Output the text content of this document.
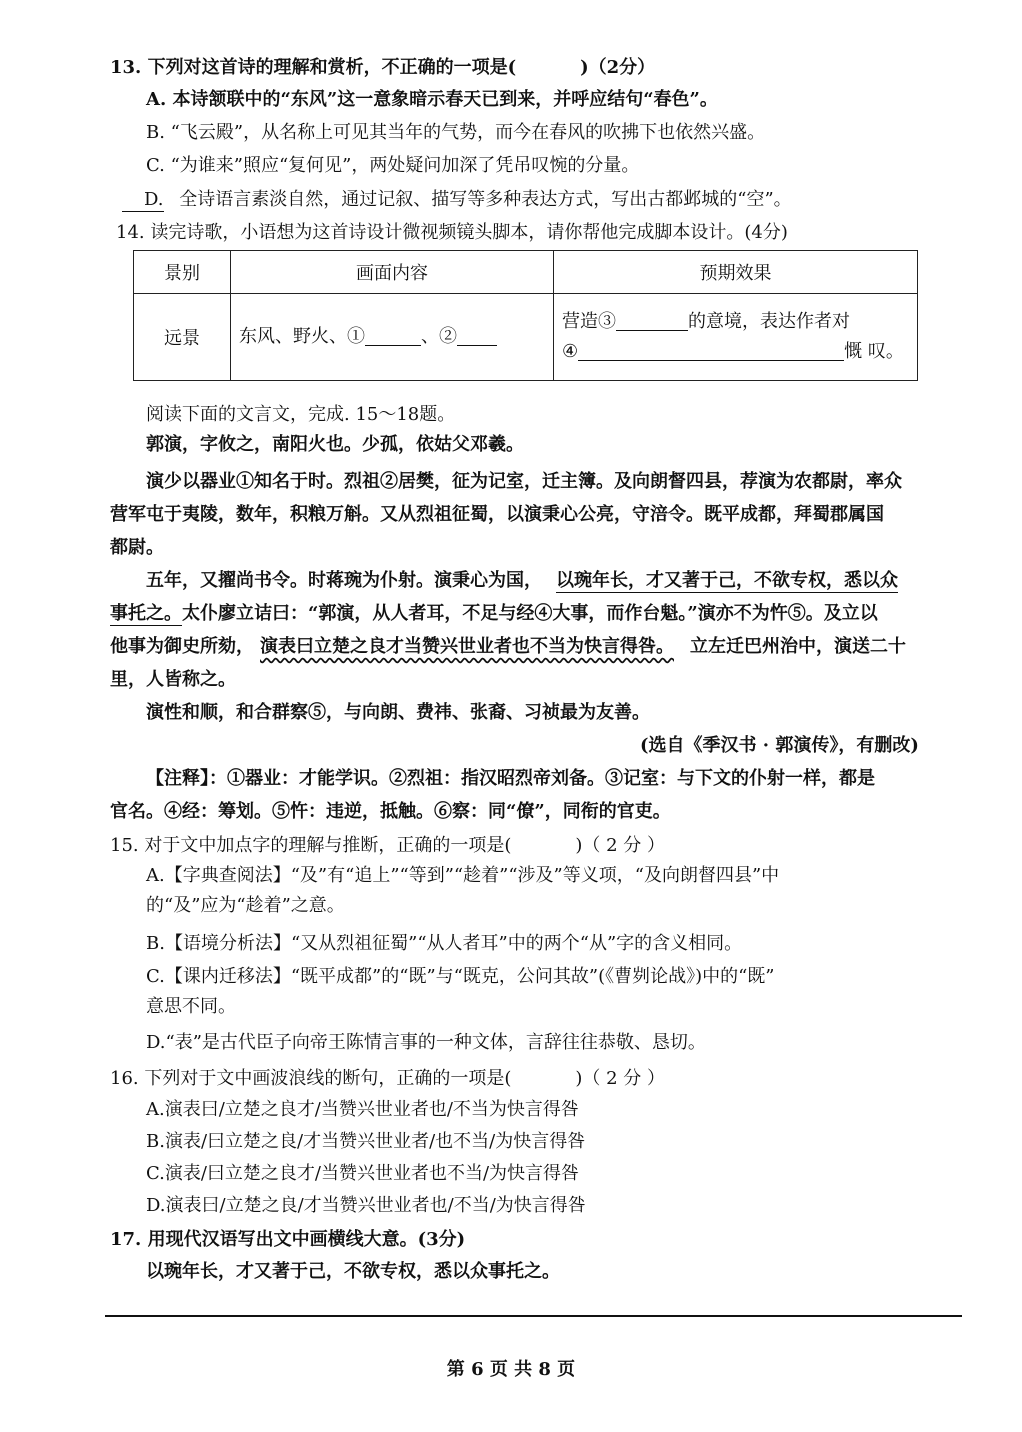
13. 下列对这首诗的理解和赏析，不正确的一项是(	)（2分）
A. 本诗颔联中的“东风”这一意象暗示春天已到来，并呼应结句“春色”。
B. “飞云殿”，从名称上可见其当年的气势，而今在春风的吹拂下也依然兴盛。
C. “为谁来”照应“复何见”，两处疑问加深了凭吊叹惋的分量。
D. 全诗语言素淡自然，通过记叙、描写等多种表达方式，写出古都邺城的“空”。
14. 读完诗歌，小语想为这首诗设计微视频镜头脚本，请你帮他完成脚本设计。(4分)
景别	画面内容	预期效果
远景	东风、野火、① 、②	营造③ 的意境，表达作者对
④ 慨 叹。
阅读下面的文言文，完成. 15～18题。
郭演，字攸之，南阳火也。少孤，依姑父邓羲。
演少以器业①知名于时。烈祖②居樊，征为记室，迁主簿。及向朗督四县，荐演为农都尉，率众
营军屯于夷陵，数年，积粮万斛。又从烈祖征蜀，以演秉心公亮，守涪令。既平成都，拜蜀郡属国
都尉。
五年，又擢尚书令。时蒋琬为仆射。演秉心为国， 以琬年长，才又著于己，不欲专权，悉以众
事托之。太仆廖立诘曰：“郭演，从人者耳，不足与经④大事，而作台魁。”演亦不为忤⑤。及立以
他事为御史所劾， 演表曰立楚之良才当赞兴世业者也不当为快言得咎。 立左迁巴州治中，演送二十
里，人皆称之。
演性和顺，和合群察⑤，与向朗、费祎、张裔、习祯最为友善。
(选自《季汉书 · 郭演传》，有删改)
【注释】：①器业：才能学识。②烈祖：指汉昭烈帝刘备。③记室：与下文的仆射一样，都是
官名。④经：筹划。⑤忤：违逆，抵触。⑥察：同“僚”，同衔的官吏。
15. 对于文中加点字的理解与推断，正确的一项是(	)（ 2 分 ）
A.【字典查阅法】“及”有“追上”“等到”“趁着”“涉及”等义项，“及向朗督四县”中
的“及”应为“趁着”之意。
B.【语境分析法】“又从烈祖征蜀”“从人者耳”中的两个“从”字的含义相同。
C.【课内迁移法】“既平成都”的“既”与“既克，公问其故”(《曹刿论战》)中的“既”
意思不同。
D.“表”是古代臣子向帝王陈情言事的一种文体，言辞往往恭敬、恳切。
16. 下列对于文中画波浪线的断句，正确的一项是(	)（ 2 分 ）
A.演表曰/立楚之良才/当赞兴世业者也/不当为快言得咎
B.演表/曰立楚之良/才当赞兴世业者/也不当/为快言得咎
C.演表/曰立楚之良才/当赞兴世业者也不当/为快言得咎
D.演表曰/立楚之良/才当赞兴世业者也/不当/为快言得咎
17. 用现代汉语写出文中画横线大意。(3分)
以琬年长，才又著于己，不欲专权，悉以众事托之。
第 6 页 共 8 页
